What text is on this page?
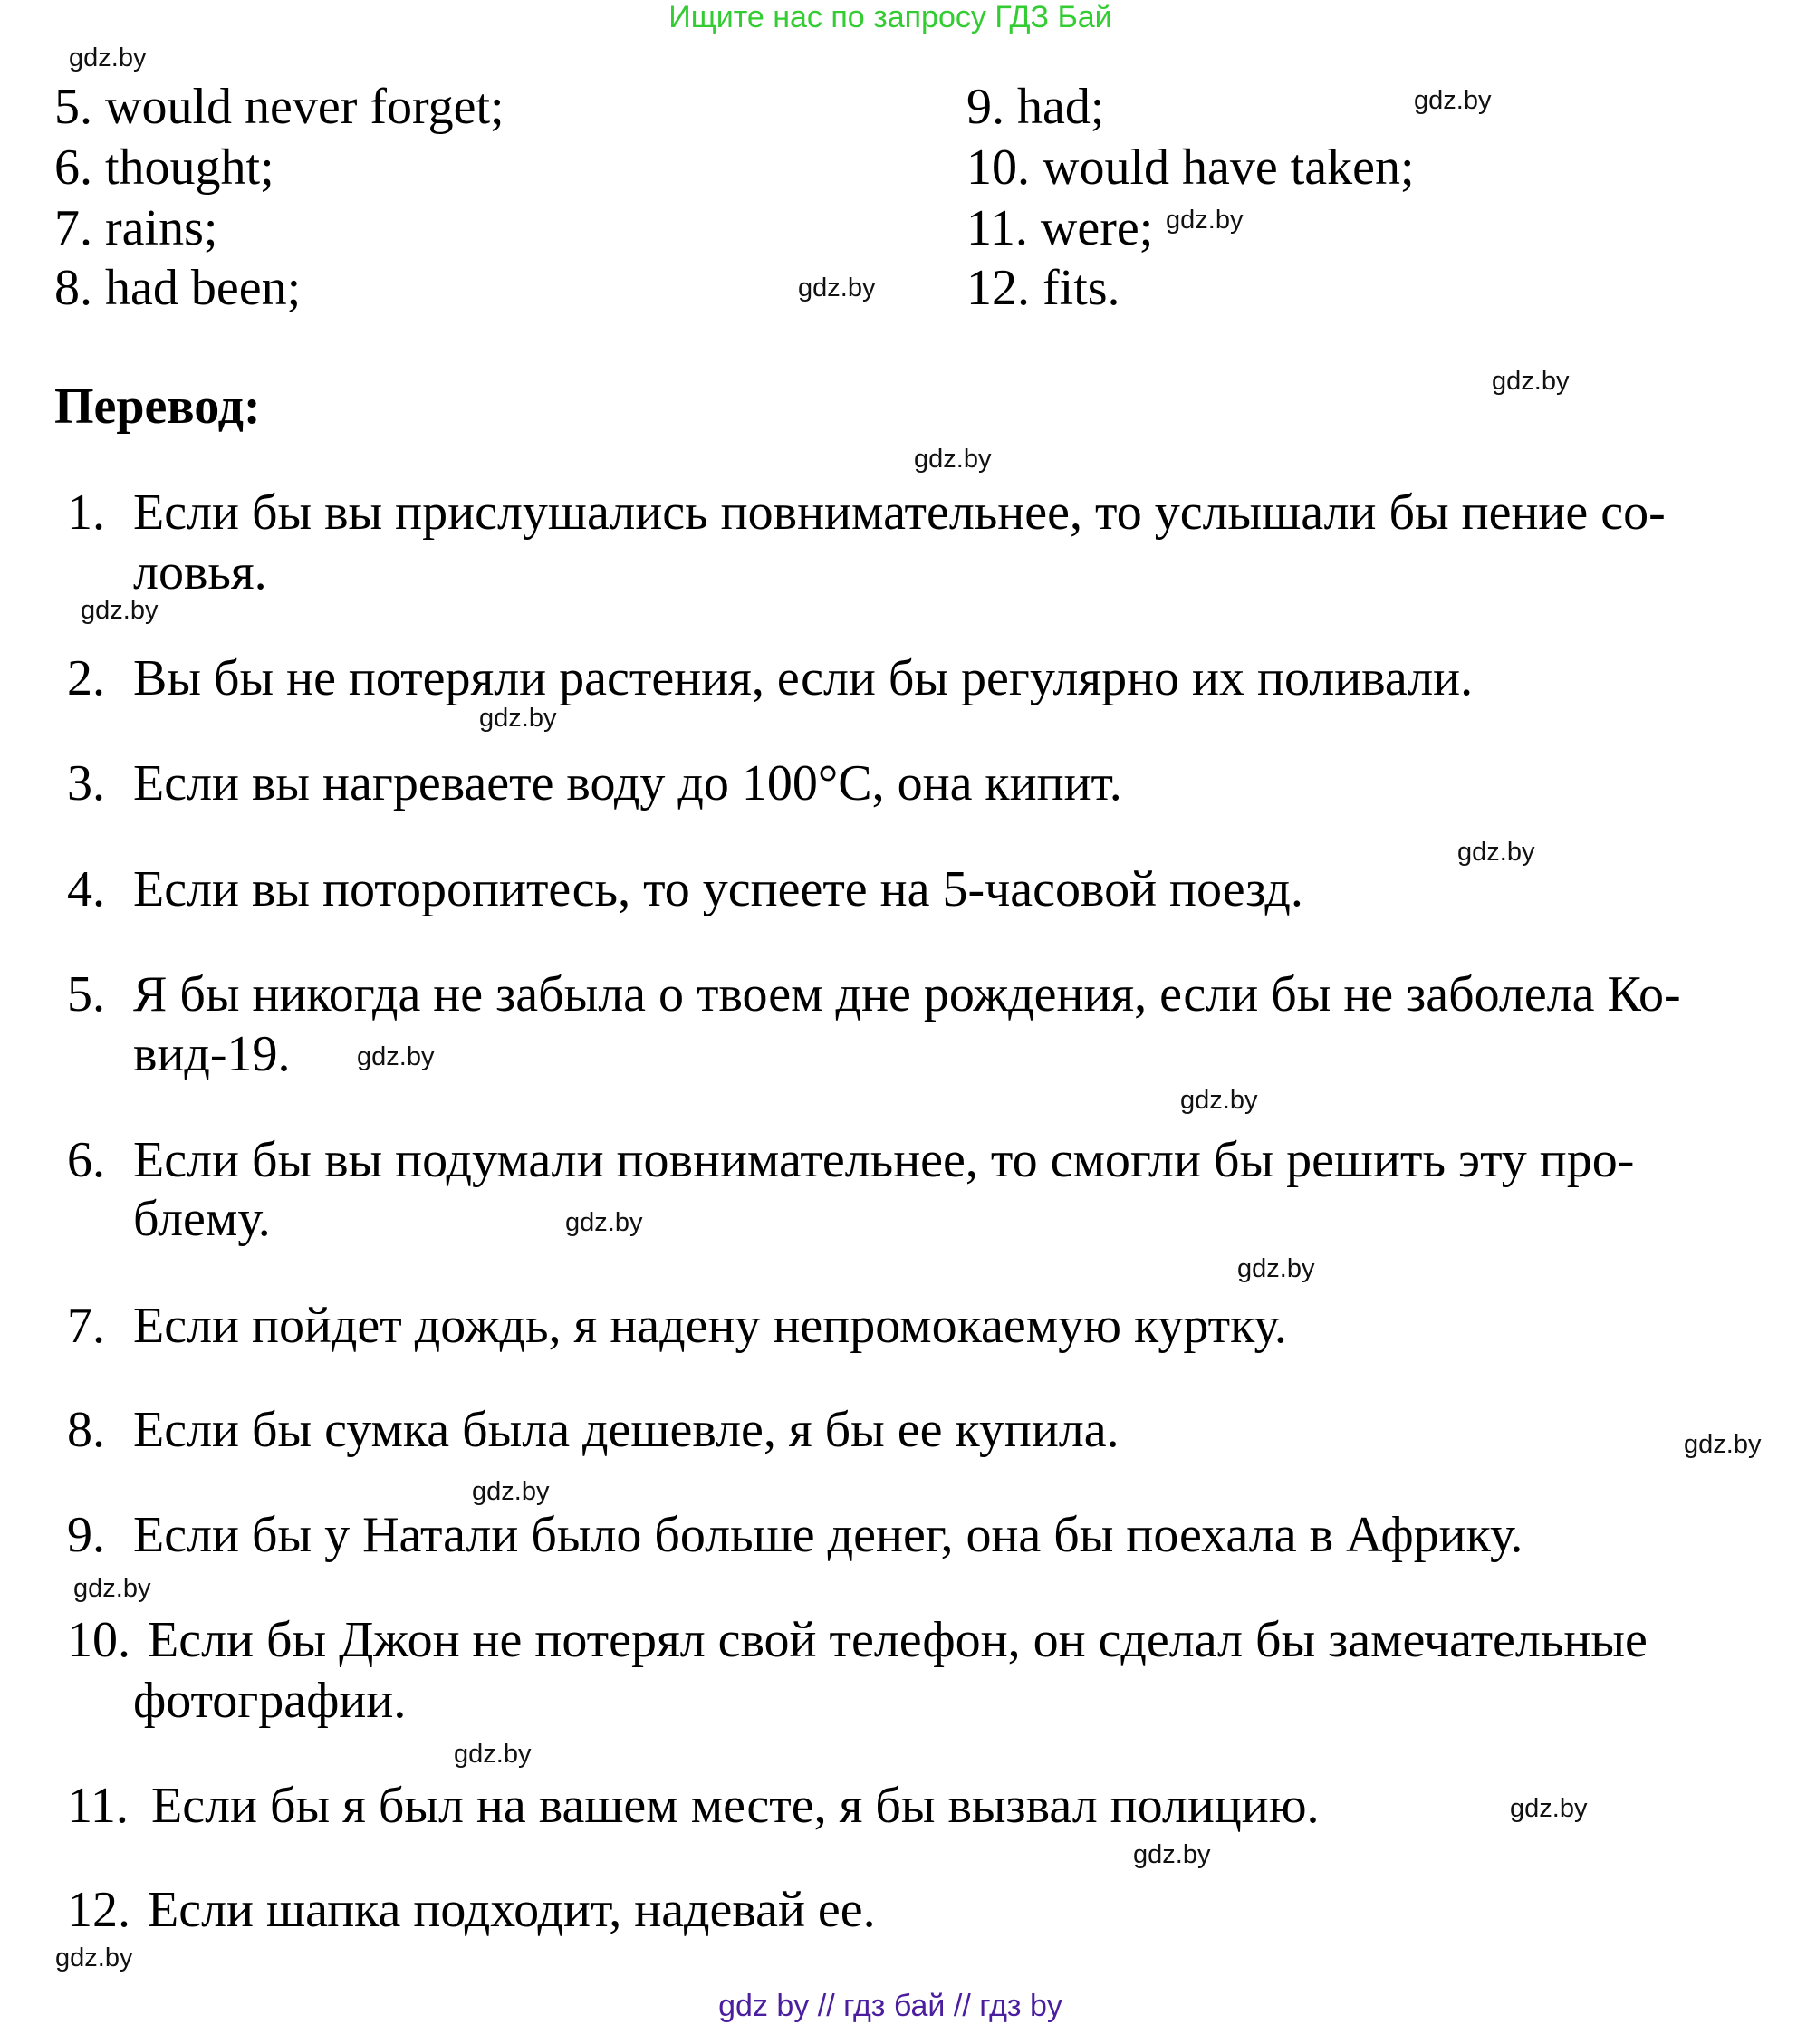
Ищите нас по запросу ГДЗ Бай
5. would never forget;
6. thought;
7. rains;
8. had been;
9. had;
10. would have taken;
11. were;
12. fits.
Перевод:
1. Если бы вы прислушались повнимательнее, то услышали бы пение со-
ловья.
2. Вы бы не потеряли растения, если бы регулярно их поливали.
3. Если вы нагреваете воду до 100°C, она кипит.
4. Если вы поторопитесь, то успеете на 5-часовой поезд.
5. Я бы никогда не забыла о твоем дне рождения, если бы не заболела Ко-
вид-19.
6. Если бы вы подумали повнимательнее, то смогли бы решить эту про-
блему.
7. Если пойдет дождь, я надену непромокаемую куртку.
8. Если бы сумка была дешевле, я бы ее купила.
9. Если бы у Натали было больше денег, она бы поехала в Африку.
10. Если бы Джон не потерял свой телефон, он сделал бы замечательные
фотографии.
11. Если бы я был на вашем месте, я бы вызвал полицию.
12. Если шапка подходит, надевай ее.
gdz.by
gdz.by
gdz.by
gdz.by
gdz.by
gdz.by
gdz.by
gdz.by
gdz.by
gdz.by
gdz.by
gdz.by
gdz.by
gdz.by
gdz.by
gdz.by
gdz.by
gdz.by
gdz.by
gdz.by
gdz by // гдз бай // гдз by
